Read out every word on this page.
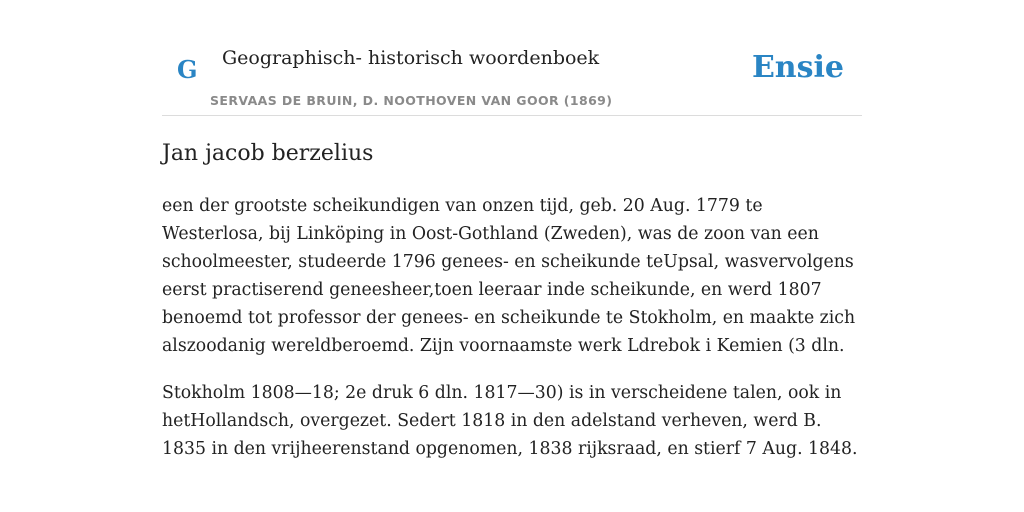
G Geographisch- historisch woordenboek
SERVAAS DE BRUIN, D. NOOTHOVEN VAN GOOR (1869)
Ensie
Jan jacob berzelius

een der grootste scheikundigen van onzen tijd, geb. 20 Aug. 1779 te Westerlosa, bij Linköping in Oost-Gothland (Zweden), was de zoon van een schoolmeester, studeerde 1796 genees- en scheikunde teUpsal, wasvervolgens eerst practiserend geneesheer,toen leeraar inde scheikunde, en werd 1807 benoemd tot professor der genees- en scheikunde te Stokholm, en maakte zich alszoodanig wereldberoemd. Zijn voornaamste werk Ldrebok i Kemien (3 dln.

Stokholm 1808—18; 2e druk 6 dln. 1817—30) is in verscheidene talen, ook in hetHollandsch, overgezet. Sedert 1818 in den adelstand verheven, werd B. 1835 in den vrijheerenstand opgenomen, 1838 rijksraad, en stierf 7 Aug. 1848.
